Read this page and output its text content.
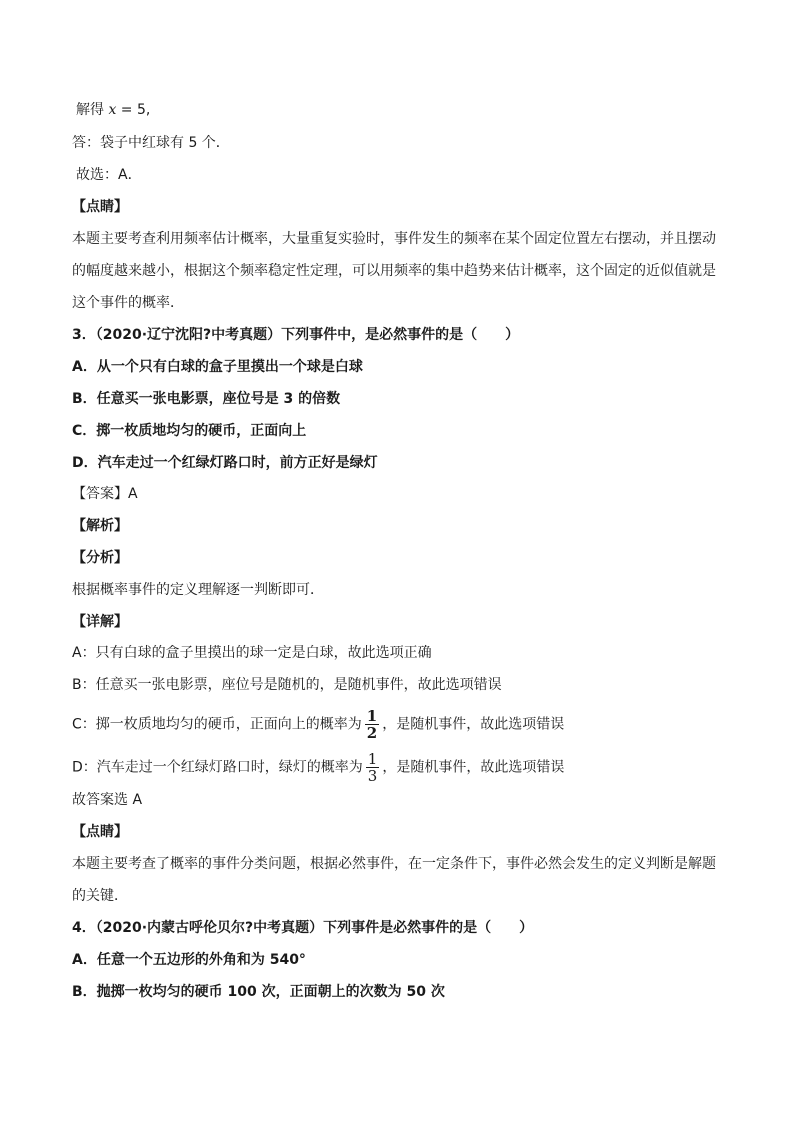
解得 x = 5,
答：袋子中红球有 5 个．
故选：A．
【点睛】
本题主要考查利用频率估计概率，大量重复实验时，事件发生的频率在某个固定位置左右摆动，并且摆动
的幅度越来越小，根据这个频率稳定性定理，可以用频率的集中趋势来估计概率，这个固定的近似值就是
这个事件的概率．
3．（2020·辽宁沈阳?中考真题）下列事件中，是必然事件的是（　　）
A．从一个只有白球的盒子里摸出一个球是白球
B．任意买一张电影票，座位号是 3 的倍数
C．掷一枚质地均匀的硬币，正面向上
D．汽车走过一个红绿灯路口时，前方正好是绿灯
【答案】A
【解析】
【分析】
根据概率事件的定义理解逐一判断即可．
【详解】
A：只有白球的盒子里摸出的球一定是白球，故此选项正确
B：任意买一张电影票，座位号是随机的，是随机事件，故此选项错误
C：掷一枚质地均匀的硬币，正面向上的概率为 $\frac{1}{2}$ ，是随机事件，故此选项错误
D：汽车走过一个红绿灯路口时，绿灯的概率为 $\frac{1}{3}$ ，是随机事件，故此选项错误
故答案选 A
【点睛】
本题主要考查了概率的事件分类问题，根据必然事件，在一定条件下，事件必然会发生的定义判断是解题
的关键．
4．（2020·内蒙古呼伦贝尔?中考真题）下列事件是必然事件的是（　　）
A．任意一个五边形的外角和为 540°
B．抛掷一枚均匀的硬币 100 次，正面朝上的次数为 50 次
